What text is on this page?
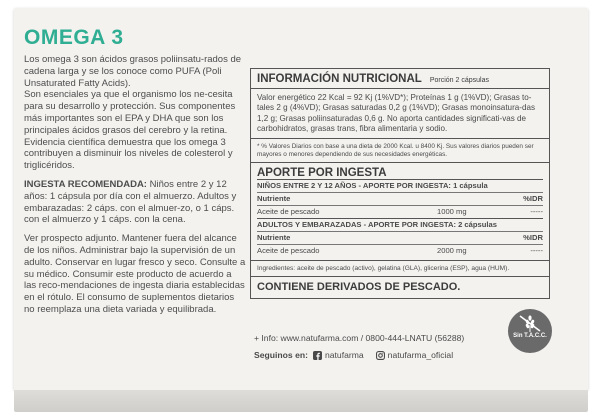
OMEGA 3

Los omega 3 son ácidos grasos poliinsatu-rados de cadena larga y se los conoce como PUFA (Poli Unsaturated Fatty Acids).

Son esenciales ya que el organismo los ne-cesita para su desarrollo y protección. Sus componentes más importantes son el EPA y DHA que son los principales ácidos grasos del cerebro y la retina.

Evidencia científica demuestra que los omega 3 contribuyen a disminuir los niveles de colesterol y triglicéridos.

INGESTA RECOMENDADA: Niños entre 2 y 12 años: 1 cápsula por día con el almuerzo. Adultos y embarazadas: 2 cáps. con el almuer-zo, o 1 cáps. con el almuerzo y 1 cáps. con la cena.

Ver prospecto adjunto. Mantener fuera del alcance de los niños. Administrar bajo la supervisión de un adulto. Conservar en lugar fresco y seco. Consulte a su médico. Consumir este producto de acuerdo a las reco-mendaciones de ingesta diaria establecidas en el rótulo. El consumo de suplementos dietarios no reemplaza una dieta variada y equilibrada.

INFORMACIÓN NUTRICIONAL Porción 2 cápsulas

Valor energético 22 Kcal = 92 Kj (1%VD*); Proteínas 1 g (1%VD); Grasas to-tales 2 g (4%VD); Grasas saturadas 0,2 g (1%VD); Grasas monoinsatura-das 1,2 g; Grasas poliinsaturadas 0,6 g. No aporta cantidades significati-vas de carbohidratos, grasas trans, fibra alimentaria y sodio.

* % Valores Diarios con base a una dieta de 2000 Kcal. u 8400 Kj. Sus valores diarios pueden ser mayores o menores dependiendo de sus necesidades energéticas.

APORTE POR INGESTA

NIÑOS ENTRE 2 Y 12 AÑOS - APORTE POR INGESTA: 1 cápsula
Nutriente	%IDR
Aceite de pescado	1000 mg	-----
ADULTOS Y EMBARAZADAS - APORTE POR INGESTA: 2 cápsulas
Nutriente	%IDR
Aceite de pescado	2000 mg	-----

Ingredientes: aceite de pescado (activo), gelatina (GLA), glicerina (ESP), agua (HUM).

CONTIENE DERIVADOS DE PESCADO.

+ Info: www.natufarma.com / 0800-444-LNATU (56288)
Seguinos en: natufarma	natufarma_oficial
Sin T.A.C.C.
